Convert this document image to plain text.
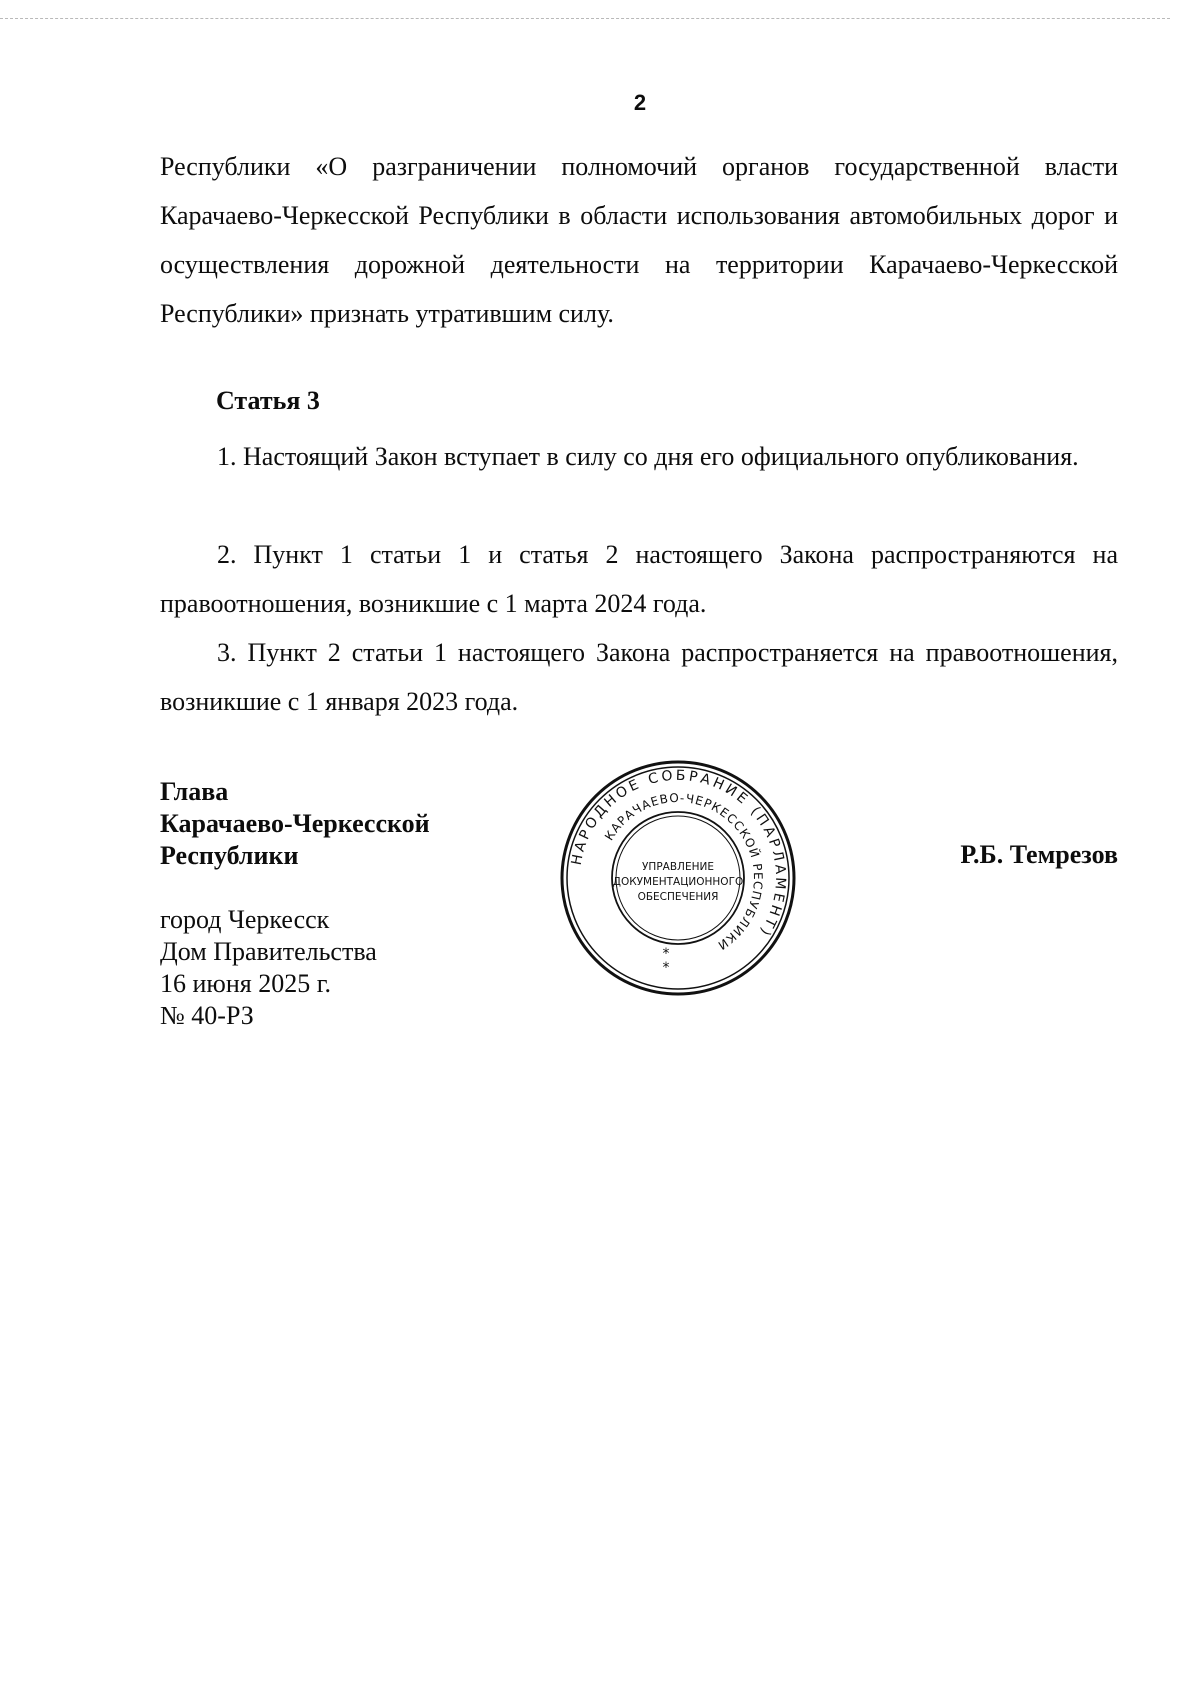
2

Республики «О разграничении полномочий органов государственной власти Карачаево-Черкесской Республики в области использования автомобильных дорог и осуществления дорожной деятельности на территории Карачаево-Черкесской Республики» признать утратившим силу.

Статья 3

1. Настоящий Закон вступает в силу со дня его официального опубликования.

2. Пункт 1 статьи 1 и статья 2 настоящего Закона распространяются на правоотношения, возникшие с 1 марта 2024 года.

3. Пункт 2 статьи 1 настоящего Закона распространяется на правоотношения, возникшие с 1 января 2023 года.

Глава
Карачаево-Черкесской
Республики	Р.Б. Темрезов
город Черкесск
Дом Правительства
16 июня 2025 г.
№ 40-РЗ
НАРОДНОЕ СОБРАНИЕ (ПАРЛАМЕНТ)
КАРАЧАЕВО-ЧЕРКЕССКОЙ РЕСПУБЛИКИ
УПРАВЛЕНИЕ
ДОКУМЕНТАЦИОННОГО
ОБЕСПЕЧЕНИЯ
*
*
